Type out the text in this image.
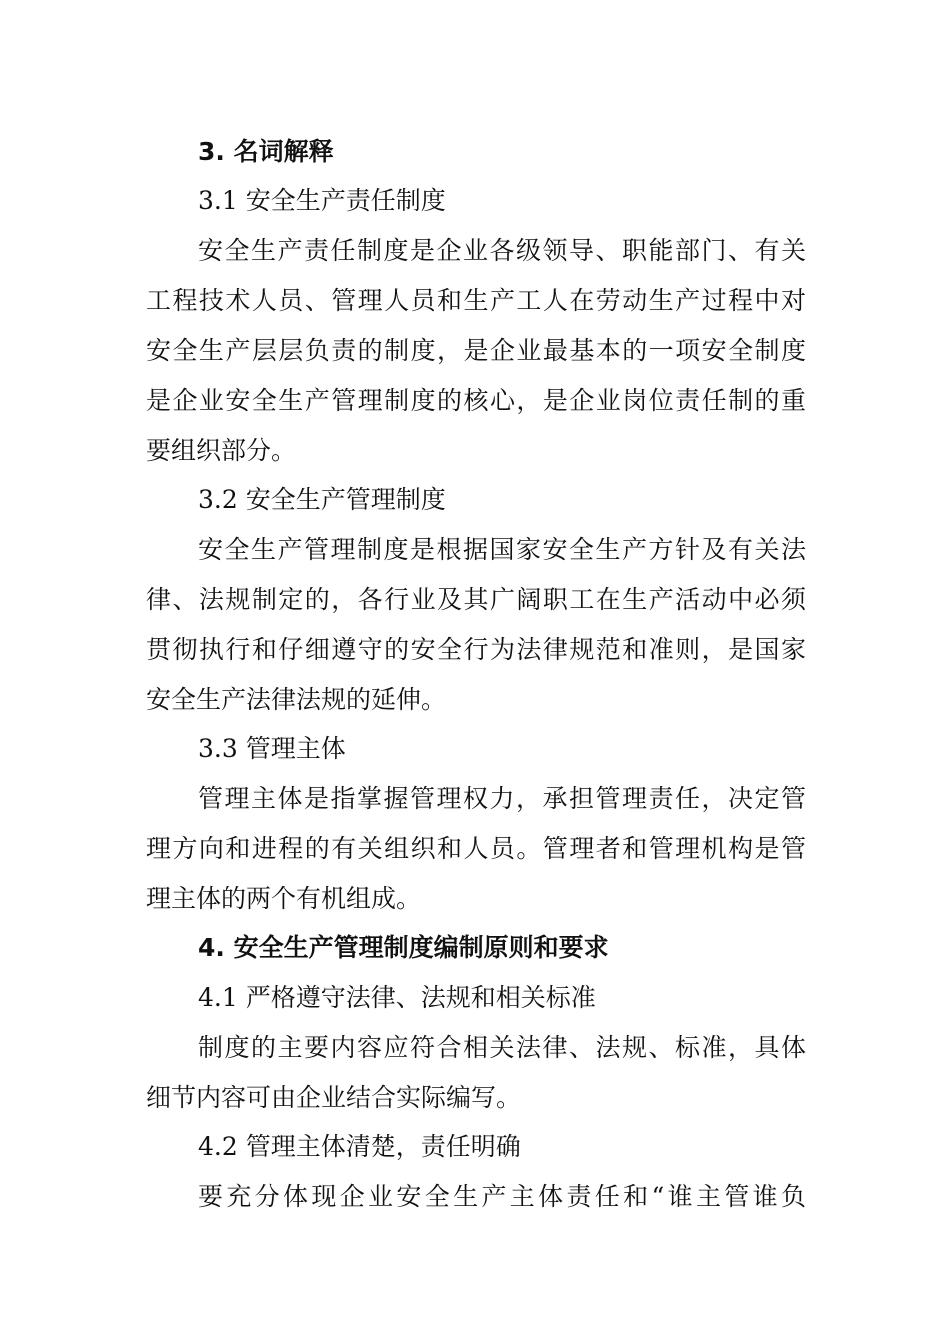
3. 名词解释
3.1 安全生产责任制度
安全生产责任制度是企业各级领导、职能部门、有关
工程技术人员、管理人员和生产工人在劳动生产过程中对
安全生产层层负责的制度，是企业最基本的一项安全制度
是企业安全生产管理制度的核心，是企业岗位责任制的重
要组织部分。
3.2 安全生产管理制度
安全生产管理制度是根据国家安全生产方针及有关法
律、法规制定的，各行业及其广阔职工在生产活动中必须
贯彻执行和仔细遵守的安全行为法律规范和准则，是国家
安全生产法律法规的延伸。
3.3 管理主体
管理主体是指掌握管理权力，承担管理责任，决定管
理方向和进程的有关组织和人员。管理者和管理机构是管
理主体的两个有机组成。
4. 安全生产管理制度编制原则和要求
4.1 严格遵守法律、法规和相关标准
制度的主要内容应符合相关法律、法规、标准，具体
细节内容可由企业结合实际编写。
4.2 管理主体清楚，责任明确
要充分体现企业安全生产主体责任和“谁主管谁负
